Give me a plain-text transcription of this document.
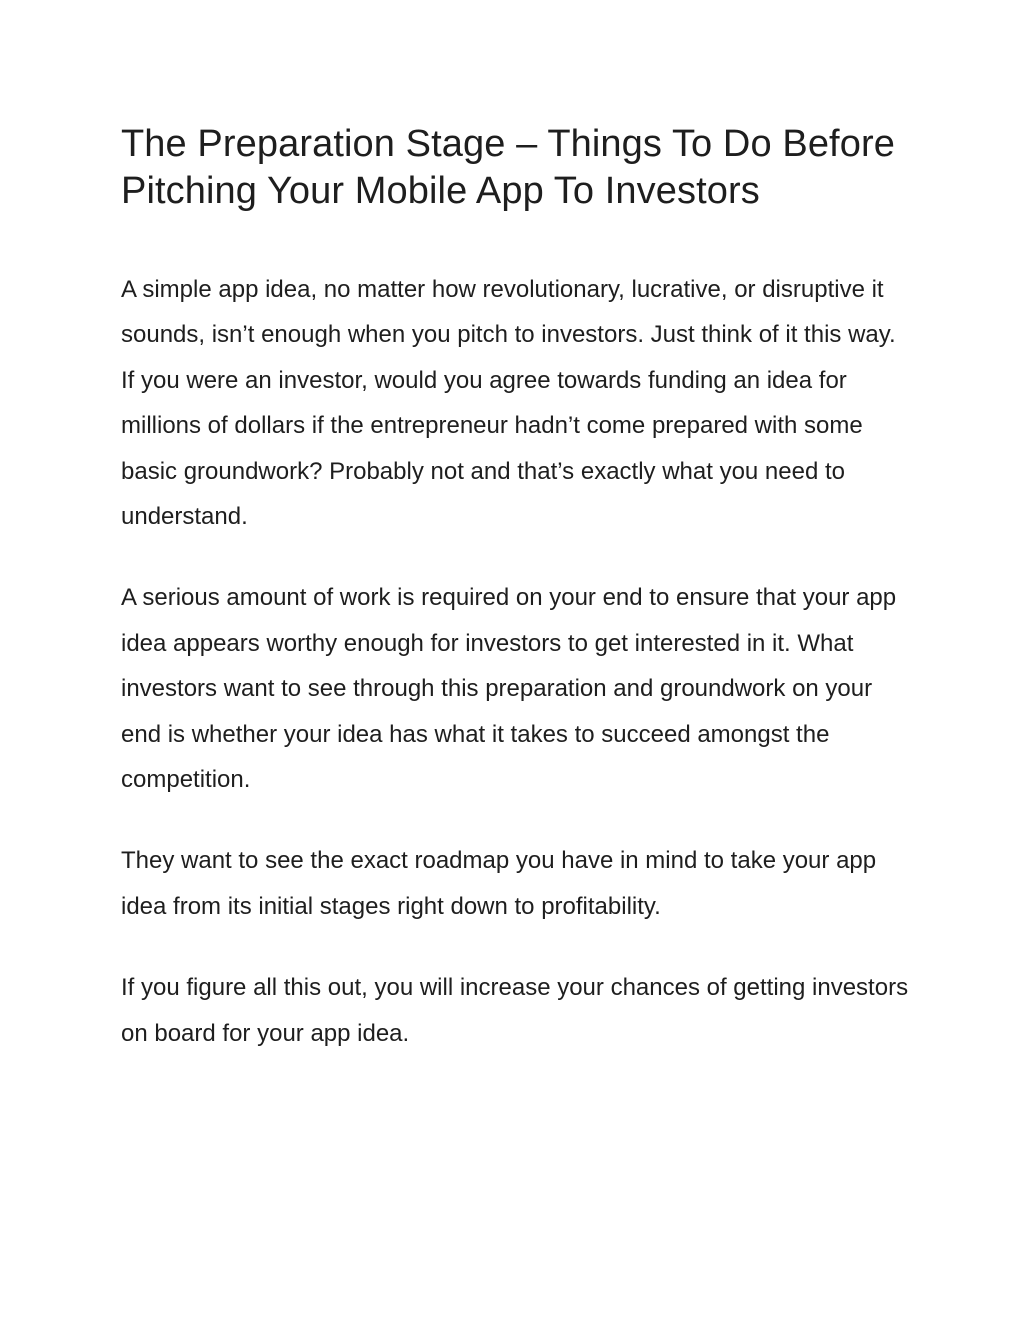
The Preparation Stage – Things To Do Before Pitching Your Mobile App To Investors

A simple app idea, no matter how revolutionary, lucrative, or disruptive it sounds, isn’t enough when you pitch to investors. Just think of it this way. If you were an investor, would you agree towards funding an idea for millions of dollars if the entrepreneur hadn’t come prepared with some basic groundwork? Probably not and that’s exactly what you need to understand.

A serious amount of work is required on your end to ensure that your app idea appears worthy enough for investors to get interested in it. What investors want to see through this preparation and groundwork on your end is whether your idea has what it takes to succeed amongst the competition.

They want to see the exact roadmap you have in mind to take your app idea from its initial stages right down to profitability.

If you figure all this out, you will increase your chances of getting investors on board for your app idea.
